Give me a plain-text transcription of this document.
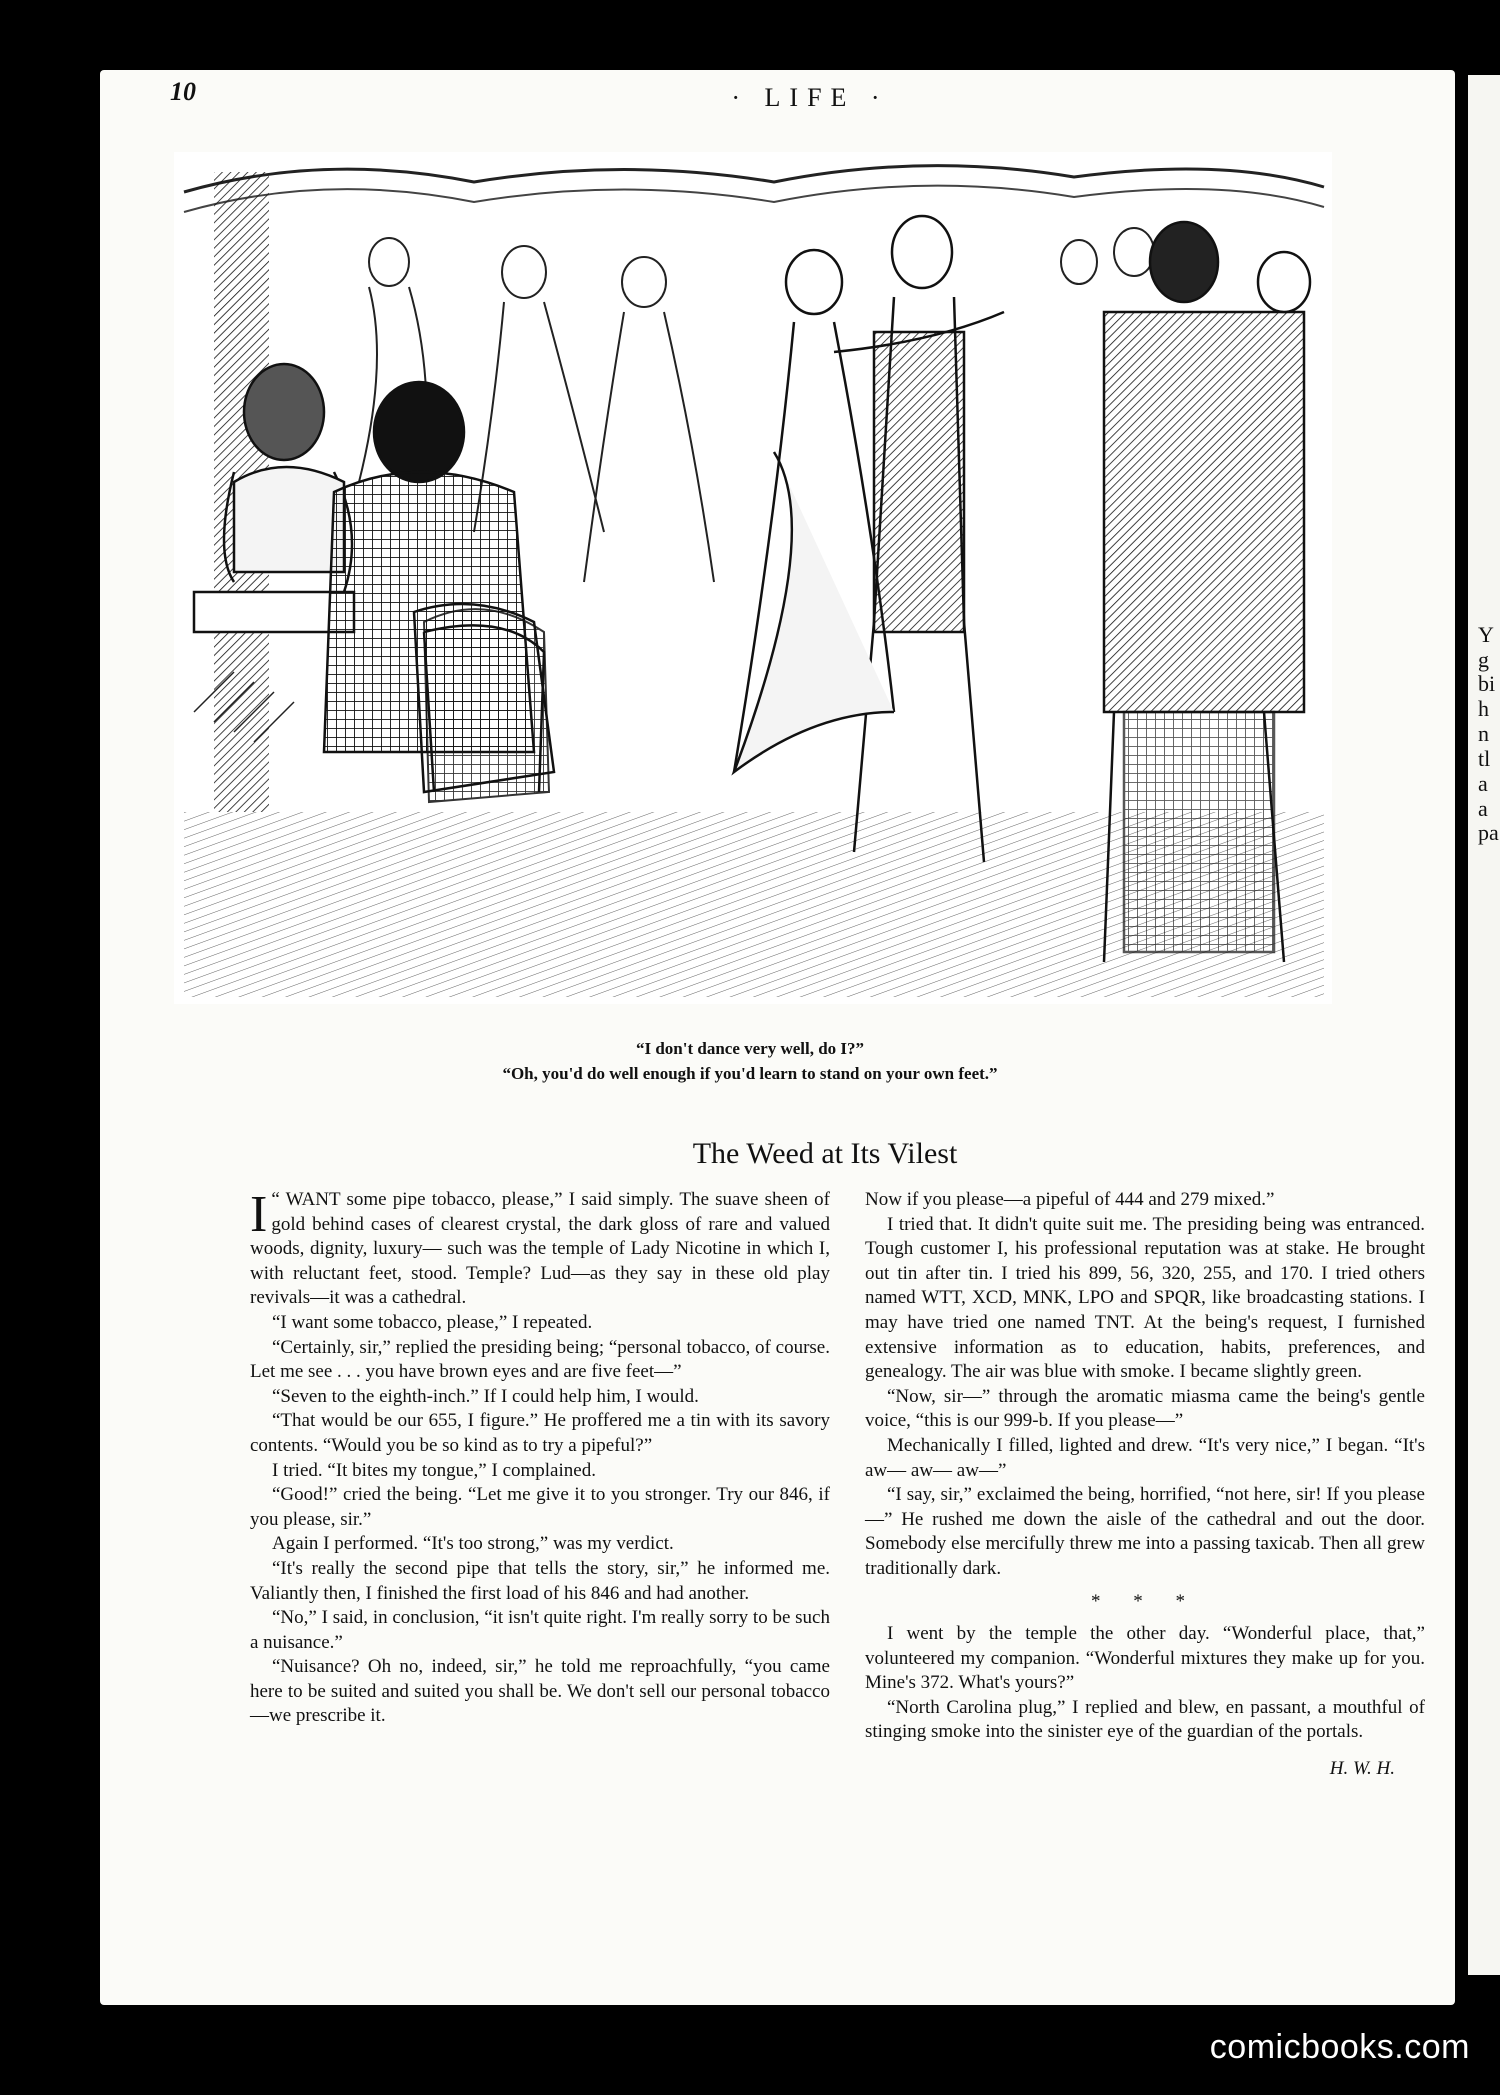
Y
g
bi
h
n
tl
a
a
pa
10	· LIFE ·
“I don't dance very well, do I?”
“Oh, you'd do well enough if you'd learn to stand on your own feet.”
The Weed at Its Vilest

I “ WANT some pipe tobacco, please,” I said simply. The suave sheen of gold behind cases of clearest crystal, the dark gloss of rare and valued woods, dignity, luxury— such was the temple of Lady Nicotine in which I, with reluctant feet, stood. Temple? Lud—as they say in these old play revivals—it was a cathedral.

“I want some tobacco, please,” I repeated.

“Certainly, sir,” replied the presiding being; “personal tobacco, of course. Let me see . . . you have brown eyes and are five feet—”

“Seven to the eighth-inch.” If I could help him, I would.

“That would be our 655, I figure.” He proffered me a tin with its savory contents. “Would you be so kind as to try a pipeful?”

I tried. “It bites my tongue,” I complained.

“Good!” cried the being. “Let me give it to you stronger. Try our 846, if you please, sir.”

Again I performed. “It's too strong,” was my verdict.

“It's really the second pipe that tells the story, sir,” he informed me. Valiantly then, I finished the first load of his 846 and had another.

“No,” I said, in conclusion, “it isn't quite right. I'm really sorry to be such a nuisance.”

“Nuisance? Oh no, indeed, sir,” he told me reproachfully, “you came here to be suited and suited you shall be. We don't sell our personal tobacco—we prescribe it.

Now if you please—a pipeful of 444 and 279 mixed.”

I tried that. It didn't quite suit me. The presiding being was entranced. Tough customer I, his professional reputation was at stake. He brought out tin after tin. I tried his 899, 56, 320, 255, and 170. I tried others named WTT, XCD, MNK, LPO and SPQR, like broadcasting stations. I may have tried one named TNT. At the being's request, I furnished extensive information as to education, habits, preferences, and genealogy. The air was blue with smoke. I became slightly green.

“Now, sir—” through the aromatic miasma came the being's gentle voice, “this is our 999-b. If you please—”

Mechanically I filled, lighted and drew. “It's very nice,” I began. “It's aw— aw— aw—”

“I say, sir,” exclaimed the being, horrified, “not here, sir! If you please—” He rushed me down the aisle of the cathedral and out the door. Somebody else mercifully threw me into a passing taxicab. Then all grew traditionally dark.

* * *

I went by the temple the other day. “Wonderful place, that,” volunteered my companion. “Wonderful mixtures they make up for you. Mine's 372. What's yours?”

“North Carolina plug,” I replied and blew, en passant, a mouthful of stinging smoke into the sinister eye of the guardian of the portals.

H. W. H.
comicbooks.com
